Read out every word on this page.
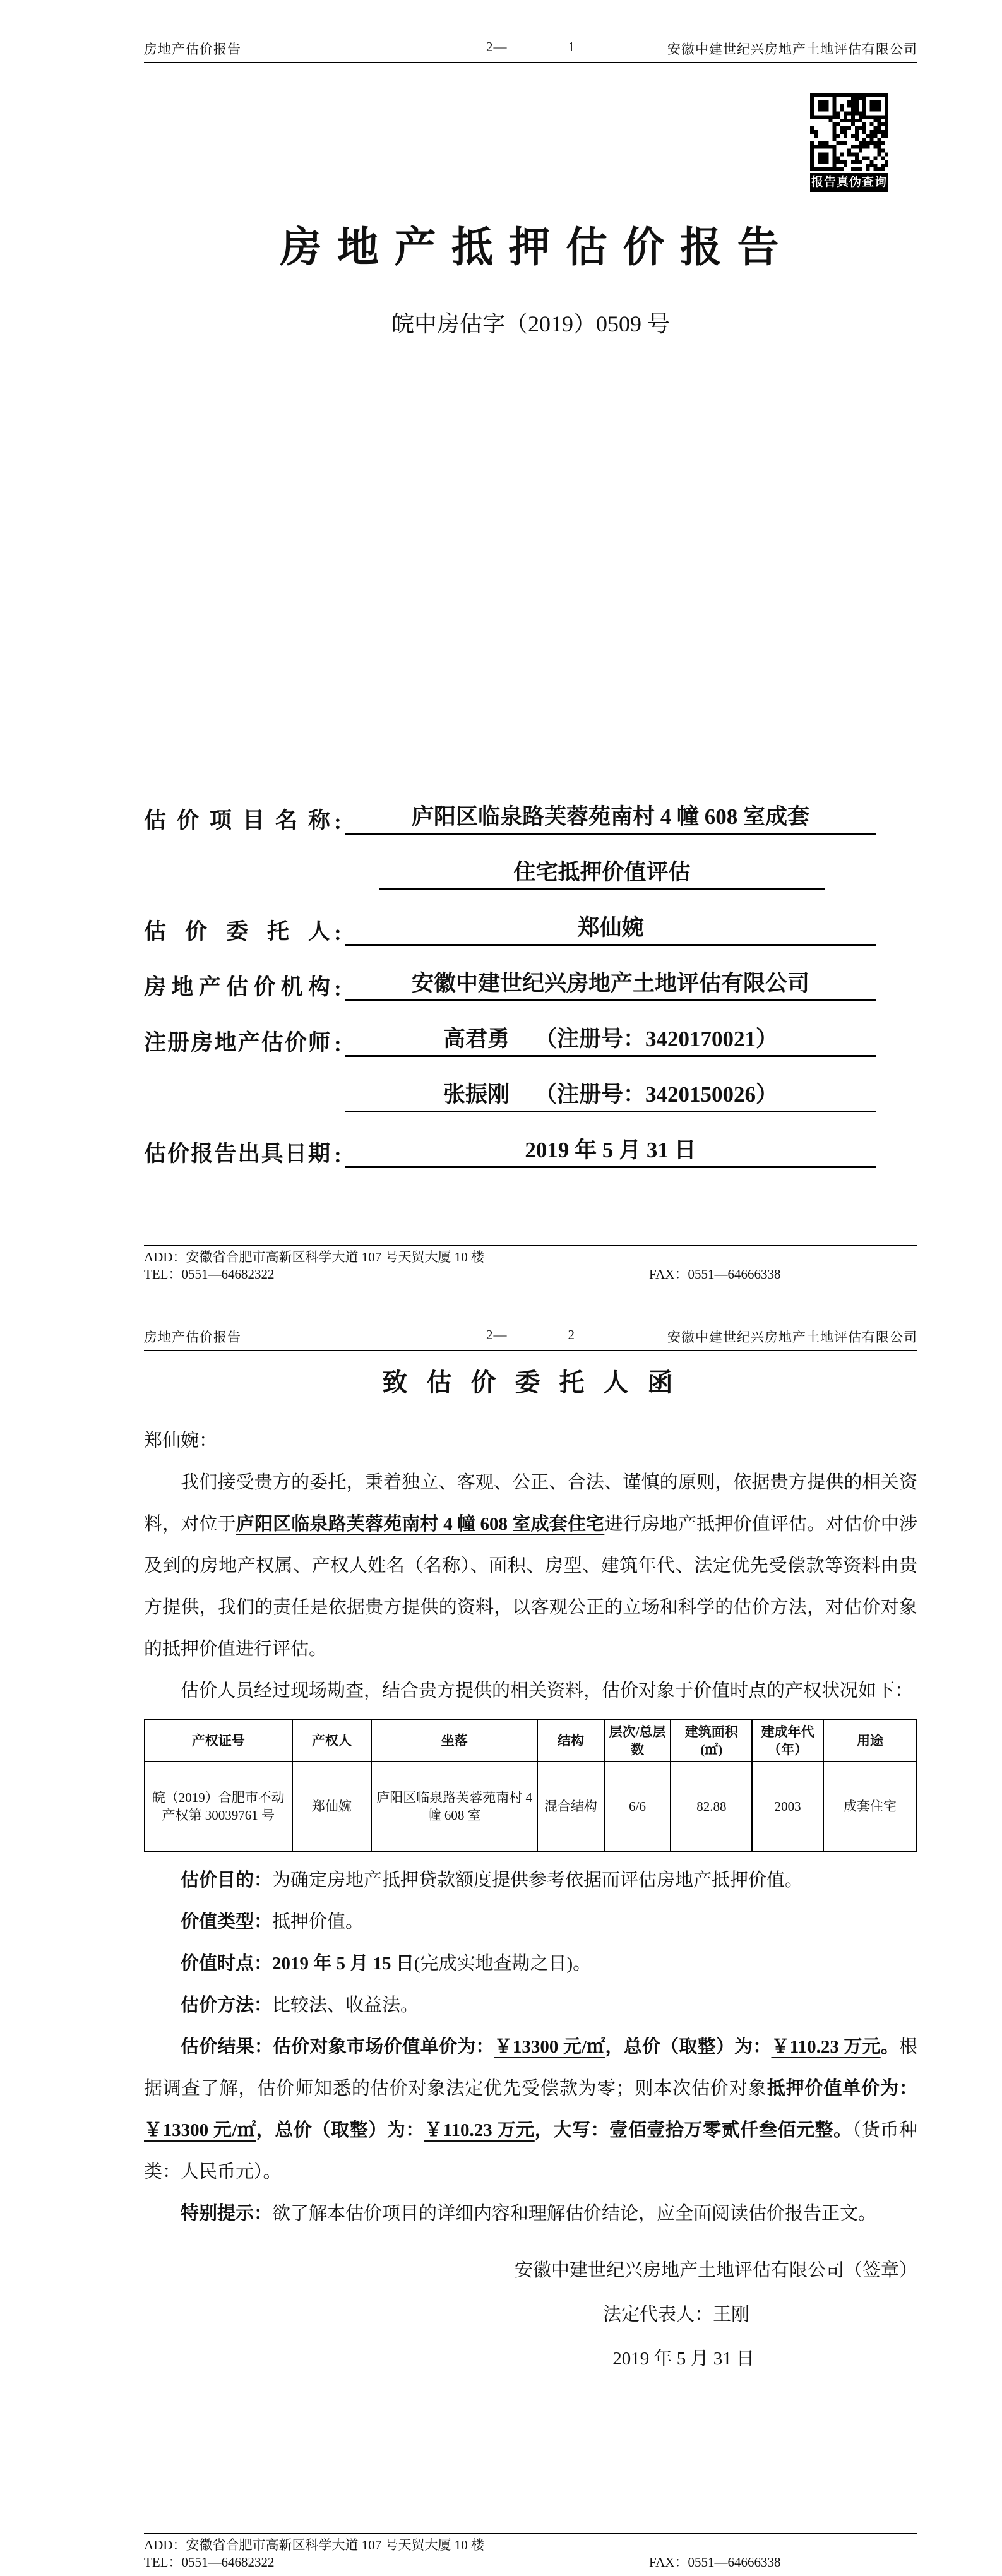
房地产估价报告	2—	1	安徽中建世纪兴房地产土地评估有限公司
报告真伪查询
房 地 产 抵 押 估 价 报 告
皖中房估字（2019）0509 号
估价项目名称 :	庐阳区临泉路芙蓉苑南村 4 幢 608 室成套
住宅抵押价值评估
估价委托人 :	郑仙婉
房地产估价机构 :	安徽中建世纪兴房地产土地评估有限公司
注册房地产估价师 :	高君勇 （注册号：3420170021）
张振刚 （注册号：3420150026）
估价报告出具日期 :	2019 年 5 月 31 日
ADD：安徽省合肥市高新区科学大道 107 号天贸大厦 10 楼
TEL：0551—64682322	FAX：0551—64666338
房地产估价报告	2—	2	安徽中建世纪兴房地产土地评估有限公司
致 估 价 委 托 人 函

郑仙婉：

我们接受贵方的委托，秉着独立、客观、公正、合法、谨慎的原则，依据贵方提供的相关资料，对位于庐阳区临泉路芙蓉苑南村 4 幢 608 室成套住宅进行房地产抵押价值评估。对估价中涉及到的房地产权属、产权人姓名（名称）、面积、房型、建筑年代、法定优先受偿款等资料由贵方提供，我们的责任是依据贵方提供的资料，以客观公正的立场和科学的估价方法，对估价对象的抵押价值进行评估。

估价人员经过现场勘查，结合贵方提供的相关资料，估价对象于价值时点的产权状况如下：

产权证号	产权人	坐落	结构	层次/总层数	建筑面积(㎡)	建成年代（年）	用途
皖（2019）合肥市不动产权第 30039761 号	郑仙婉	庐阳区临泉路芙蓉苑南村 4 幢 608 室	混合结构	6/6	82.88	2003	成套住宅

估价目的：为确定房地产抵押贷款额度提供参考依据而评估房地产抵押价值。

价值类型：抵押价值。

价值时点：2019 年 5 月 15 日(完成实地查勘之日)。

估价方法：比较法、收益法。

估价结果：估价对象市场价值单价为：￥13300 元/㎡，总价（取整）为：￥110.23 万元。根据调查了解，估价师知悉的估价对象法定优先受偿款为零；则本次估价对象抵押价值单价为：￥13300 元/㎡，总价（取整）为：￥110.23 万元，大写：壹佰壹拾万零贰仟叁佰元整。（货币种类：人民币元）。

特别提示：欲了解本估价项目的详细内容和理解估价结论，应全面阅读估价报告正文。

安徽中建世纪兴房地产土地评估有限公司（签章）
法定代表人：王刚
2019 年 5 月 31 日
ADD：安徽省合肥市高新区科学大道 107 号天贸大厦 10 楼
TEL：0551—64682322	FAX：0551—64666338
